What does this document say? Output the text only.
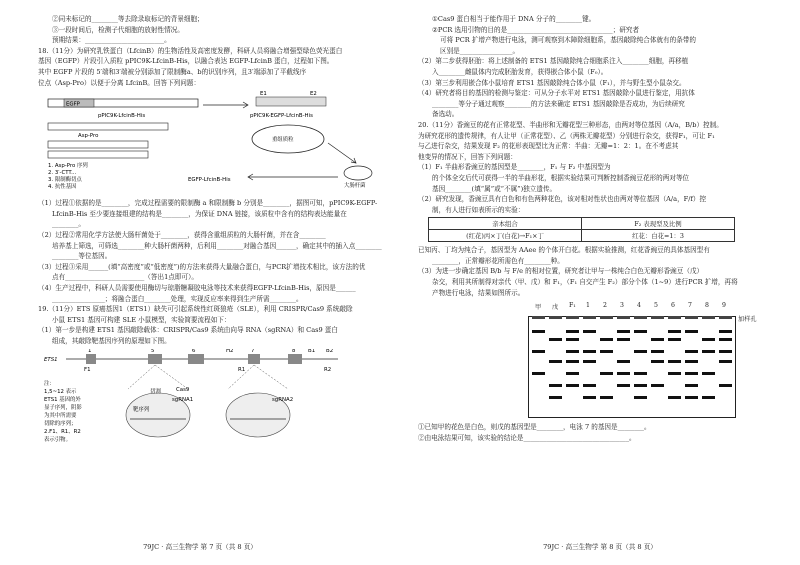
②同未标记的________等去除录取标记的背景细胞；
③一段时间后，检测子代细胞的放射性情况。
预期结果：________________________。
18.（11分）为研究乳铁蛋白（LfcinB）的生物活性及高密度发酵，科研人员将融合增强型绿色荧光蛋白
基因（EGFP）片段引入质粒 pPIC9K-LfcinB-His，以融合表达 EGFP-LfcinB 蛋白，过程如下图。
其中 EGFP 片段的 5′端和3′端被分别添加了限制酶a、b的识别序列，且3′端添加了平截线序
位点（Asp-Pro）以便于分离 LfcinB。回答下列问题：
EGFP
pPIC9K-LfcinB-His
Asp-Pro
E1	E2
pPIC9K-EGFP-LfcinB-His
重组质粒
大肠杆菌
EGFP-LfcinB-His
1. Asp-Pro 序列
2. 3′-CTT...
3. 限制酶切点
4. 抗性基因
（1）过程①依据的是________，完成过程需要的限制酶 a 和限制酶 b 分别是________，据图可知，pPIC9K-EGFP-
LfcinB-His 至少要连接组建的结构是________，为保证 DNA 链接，该质粒中含有的结构表达能量在
________。
（2）过程②常用化学方法使大肠杆菌处于________，获得含重组质粒的大肠杆菌，并在含________
培养基上筛选，可筛选________种大肠杆菌两种，后利用________对融合基因______，确定其中的插入点________
________等位基因。
（3）过程③采用______(填“高密度”或“低密度”)的方法来获得大量融合蛋白，与PCR扩增技术相比，该方法的优
点有________________________（答出1点即可）。
（4）生产过程中，科研人员需要使用酶切与琼脂糖凝胶电泳等技术来获得EGFP-LfcinB-His，原因是______
________________；将融合蛋白________处理，实现反应率来得到生产所需________。
19.（11分）ETS 原癌基因1（ETS1）缺失可引起系统性红斑狼疮（SLE），利用 CRISPR/Cas9 系统敲除
小鼠 ETS1 基因可构建 SLE 小鼠模型，实验简要流程如下：
（1）第一步是构建 ETS1 基因敲除载体：CRISPR/Cas9 系统由向导 RNA（sgRNA）和 Cas9 蛋白
组成，其敲除靶基因序列的原理如下图。
ETS1
1	5	6	H2	7	8
F1	R1	R2
B1 B2
sgRNA1	sgRNA2
Cas9
靶序列
切割
注：
1,5~12 表示
ETS1 基因的外
显子序列，阴影
为其中所需要
切除的序列；
2.F1、R1、R2
表示引物。
79JC · 高三生物学 第 7 页（共 8 页）
①Cas9 蛋白相当于能作用于 DNA 分子的________键。
②PCR 选用引物的目的是________________________________；研究者
可将 PCR 扩增产物进行电泳，测可观察到木障除细胞系，基因敲除纯合体就有的条带的
区别是________________。
（2）第二步获得胚胎：将上述制备的 ETS1 基因敲除纯合细胞系注入________细胞，再移植
入________雌鼠体内完成胚胎发育，获得嵌合体小鼠（F₀）。
（3）第三步利用嵌合体小鼠培育 ETS1 基因敲除纯合体小鼠（F₁），并与野生型小鼠杂交。
（4）研究者将目的基因的检测与鉴定：可从分子水平对 ETS1 基因敲除小鼠进行鉴定，用抗体
________等分子通过观察________的方法来确定 ETS1 基因敲除是否成功，为后续研究
备选动。
20.（11分）香豌豆的花有正常花型、半曲形和无瓣花型三种形态，由两对等位基因（A/a，B/b）控制。
为研究花形的遗传规律，有人让甲（正常花型）、乙（两株无瓣花型）分别进行杂交，获得F₁，可让 F₁
与乙进行杂交，结果发现 F₂ 的花形表现型比为正常：半曲：无瓣=1：2：1。在不考虑其
他变异的情况下，回答下列问题：
（1）F₁ 半曲形香豌豆的基因型是________，F₁ 与 F₂ 中基因型为
的个体全交后代可获得一半的半曲形花，根据实验结果可判断控制香豌豆花形的两对等位
基因________(填“属”或“不属”)独立遗传。
（2）研究发现，香豌豆具有白色和有色两种花色，该对相对性状也由两对等位基因（A/a，F/f）控
制，有人进行如表所示的实验：
亲本组合	F₂ 表现型及比例
(红花)丙×丁(白花)→F₁×丁	红花：白花=1：3
已知丙、丁均为纯合子，基因型为 AAee 的个体开白花。根据实验推测，红花香豌豆的具体基因型有
________，正常瓣形花所需色有________种。
（3）为进一步确定基因 B/b 与 F/e 的相对位置，研究者让甲与一株纯合白色无瓣形香豌豆（戊）
杂交，利用其所制得对亲代（甲、戊）和 F₁，（F₁ 自交产生 F₂）部分个体（1~9）进行PCR 扩增，再将
产物进行电泳，结果如图所示。
加样孔
甲 戊 F₁ 1 2 3 4 5 6 7 8 9
①已知甲的花色是白色，则戊的基因型是________，电泳 7 的基因是________。
②由电泳结果可知，该实验的结论是________________________________。
79JC · 高三生物学 第 8 页（共 8 页）
